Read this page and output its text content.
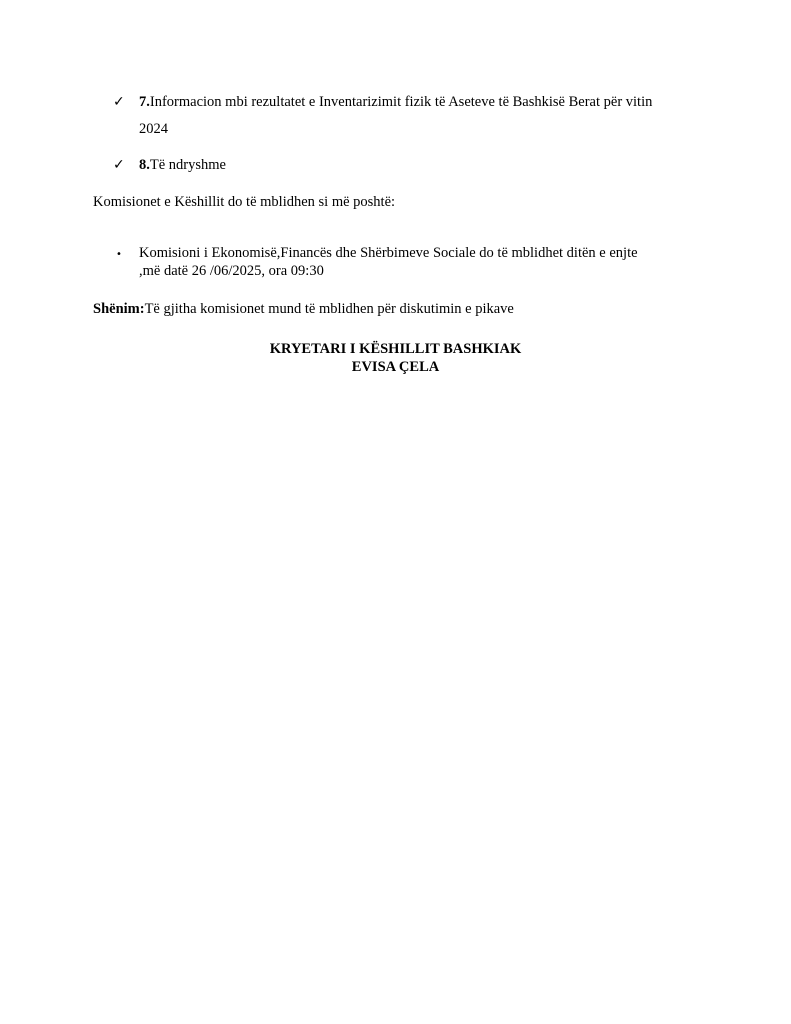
✓ 7.Informacion mbi rezultatet e Inventarizimit fizik të Aseteve të Bashkisë Berat për vitin
2024
✓ 8.Të ndryshme
Komisionet e Këshillit do të mblidhen si më poshtë:
• Komisioni i Ekonomisë,Financës dhe Shërbimeve Sociale do të mblidhet ditën e enjte
,më datë 26 /06/2025, ora 09:30
Shënim:Të gjitha komisionet mund të mblidhen për diskutimin e pikave
KRYETARI I KËSHILLIT BASHKIAK
EVISA ÇELA
